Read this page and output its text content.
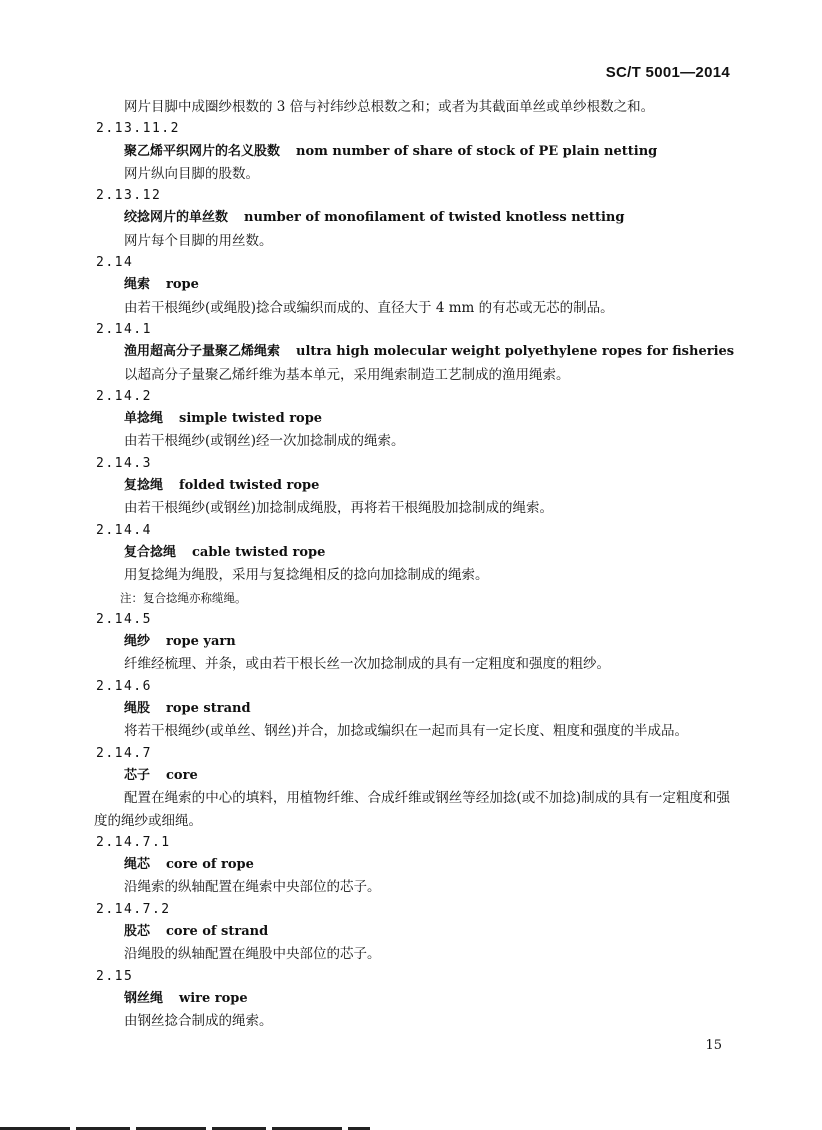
SC/T 5001—2014
网片目脚中成圈纱根数的 3 倍与衬纬纱总根数之和；或者为其截面单丝或单纱根数之和。
2.13.11.2
聚乙烯平织网片的名义股数 nom number of share of stock of PE plain netting
网片纵向目脚的股数。
2.13.12
绞捻网片的单丝数 number of monofilament of twisted knotless netting
网片每个目脚的用丝数。
2.14
绳索 rope
由若干根绳纱(或绳股)捻合或编织而成的、直径大于 4 mm 的有芯或无芯的制品。
2.14.1
渔用超高分子量聚乙烯绳索 ultra high molecular weight polyethylene ropes for fisheries
以超高分子量聚乙烯纤维为基本单元，采用绳索制造工艺制成的渔用绳索。
2.14.2
单捻绳 simple twisted rope
由若干根绳纱(或钢丝)经一次加捻制成的绳索。
2.14.3
复捻绳 folded twisted rope
由若干根绳纱(或钢丝)加捻制成绳股，再将若干根绳股加捻制成的绳索。
2.14.4
复合捻绳 cable twisted rope
用复捻绳为绳股，采用与复捻绳相反的捻向加捻制成的绳索。
注：复合捻绳亦称缆绳。
2.14.5
绳纱 rope yarn
纤维经梳理、并条，或由若干根长丝一次加捻制成的具有一定粗度和强度的粗纱。
2.14.6
绳股 rope strand
将若干根绳纱(或单丝、钢丝)并合，加捻或编织在一起而具有一定长度、粗度和强度的半成品。
2.14.7
芯子 core
配置在绳索的中心的填料，用植物纤维、合成纤维或钢丝等经加捻(或不加捻)制成的具有一定粗度和强度的绳纱或细绳。
2.14.7.1
绳芯 core of rope
沿绳索的纵轴配置在绳索中央部位的芯子。
2.14.7.2
股芯 core of strand
沿绳股的纵轴配置在绳股中央部位的芯子。
2.15
钢丝绳 wire rope
由钢丝捻合制成的绳索。
15
